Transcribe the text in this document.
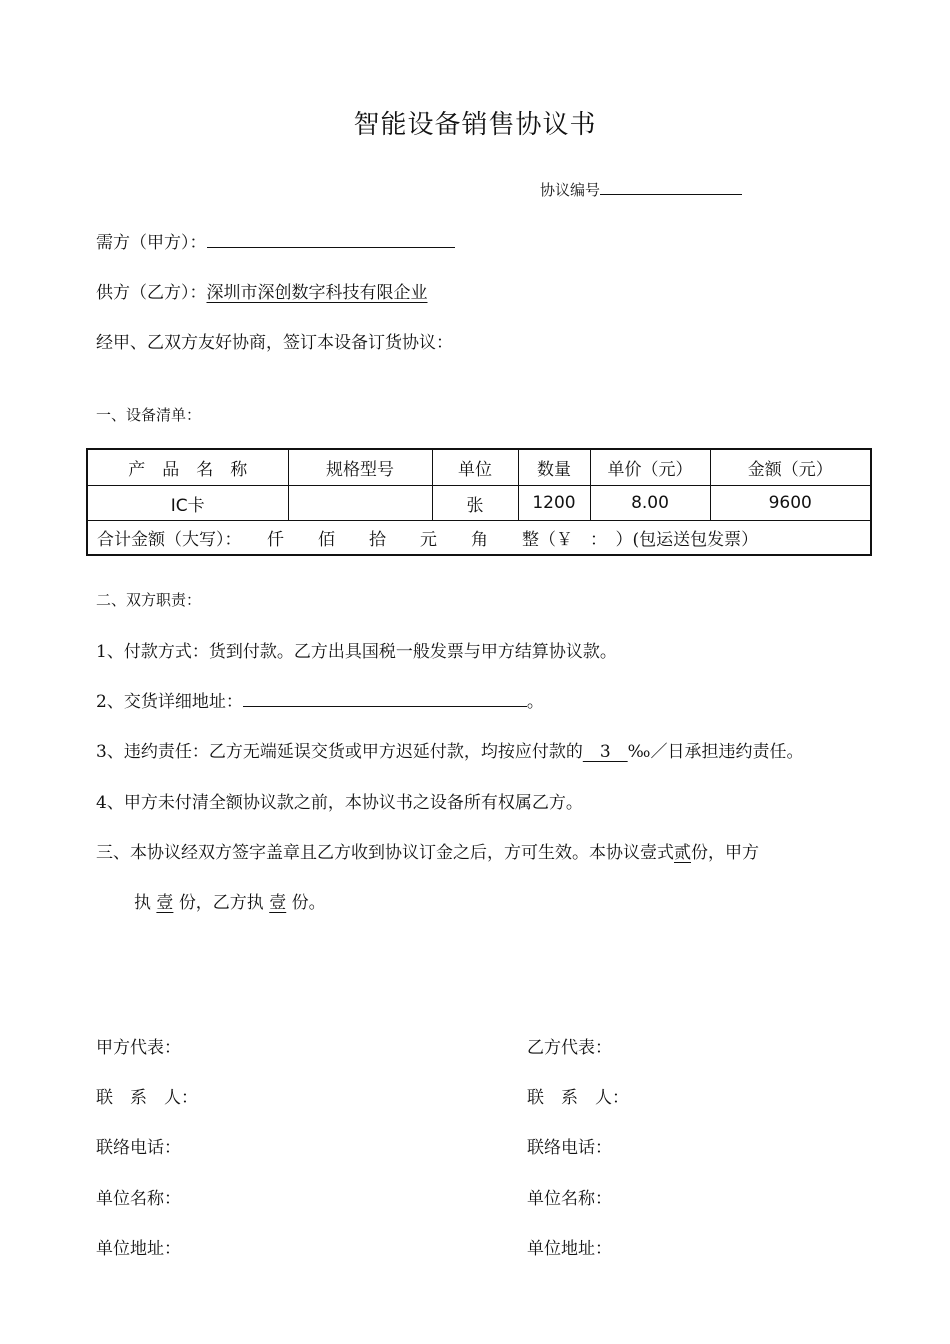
智能设备销售协议书
协议编号
需方（甲方）：
供方（乙方）：深圳市深创数字科技有限企业
经甲、乙双方友好协商，签订本设备订货协议：
一、设备清单：
产　品　名　称	规格型号	单位	数量	单价（元）	金额（元）
IC卡		张	1200	8.00	9600
合计金额（大写）：　　仟　　佰　　拾　　元　　角　　整（￥　：　）(包运送包发票）					
二、双方职责：
1、付款方式：货到付款。乙方出具国税一般发票与甲方结算协议款。
2、交货详细地址：	。
3、违约责任：乙方无端延误交货或甲方迟延付款，均按应付款的　3　‰／日承担违约责任。
4、甲方未付清全额协议款之前，本协议书之设备所有权属乙方。
三、本协议经双方签字盖章且乙方收到协议订金之后，方可生效。本协议壹式贰份，甲方
执 壹 份，乙方执 壹 份。
甲方代表：	乙方代表：
联　系　人：	联　系　人：
联络电话：	联络电话：
单位名称：	单位名称：
单位地址：	单位地址：
